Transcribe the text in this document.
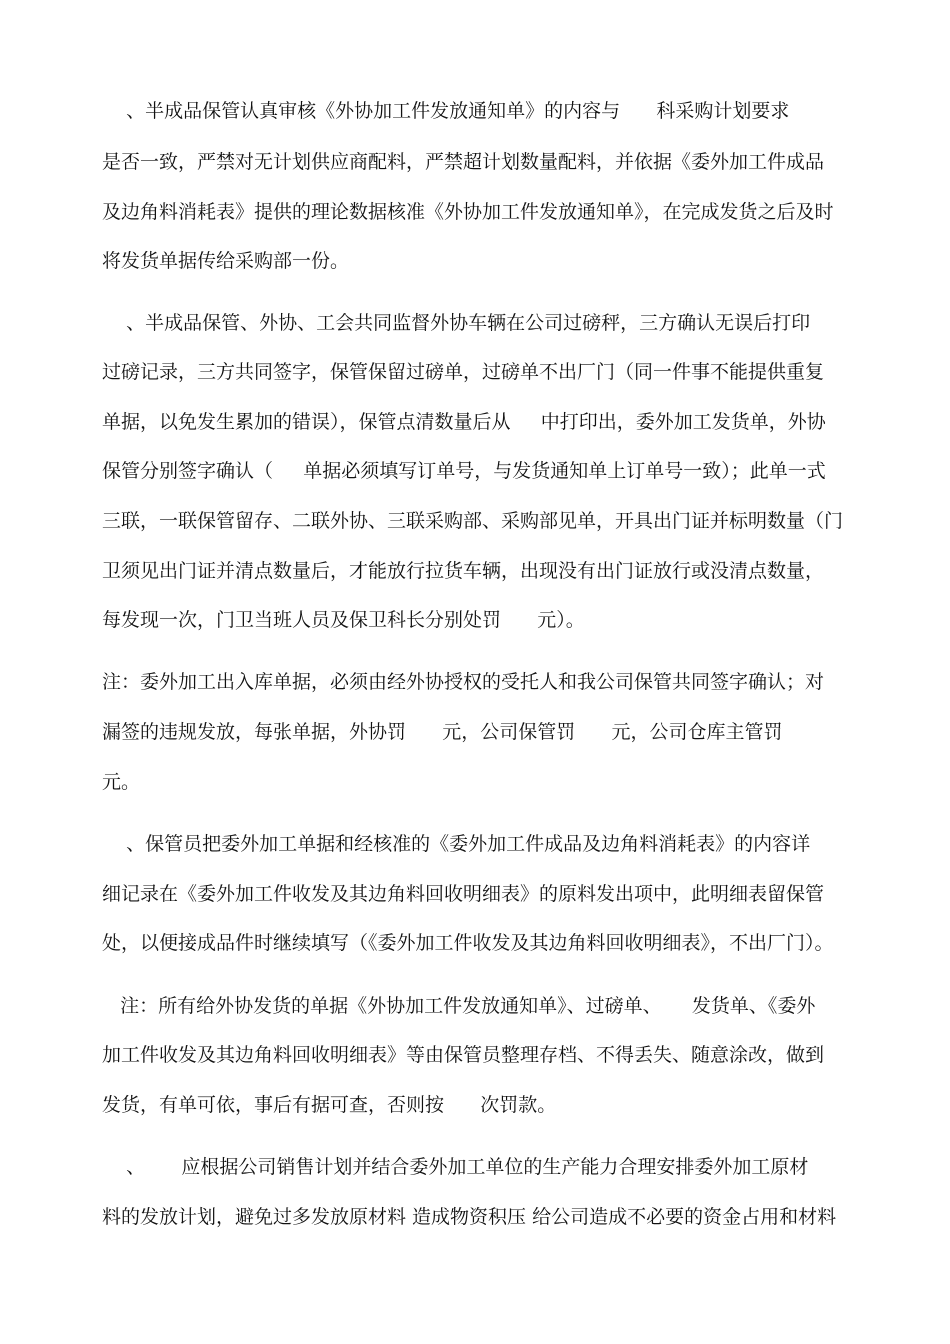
、半成品保管认真审核《外协加工件发放通知单》的内容与      科采购计划要求

是否一致，严禁对无计划供应商配料，严禁超计划数量配料，并依据《委外加工件成品

及边角料消耗表》提供的理论数据核准《外协加工件发放通知单》，在完成发货之后及时

将发货单据传给采购部一份。

、半成品保管、外协、工会共同监督外协车辆在公司过磅秤，三方确认无误后打印

过磅记录，三方共同签字，保管保留过磅单，过磅单不出厂门（同一件事不能提供重复

单据，以免发生累加的错误），保管点清数量后从     中打印出，委外加工发货单，外协

保管分别签字确认（     单据必须填写订单号，与发货通知单上订单号一致）；此单一式

三联，一联保管留存、二联外协、三联采购部、采购部见单，开具出门证并标明数量（门

卫须见出门证并清点数量后，才能放行拉货车辆，出现没有出门证放行或没清点数量，

每发现一次，门卫当班人员及保卫科长分别处罚      元）。

注：委外加工出入库单据，必须由经外协授权的受托人和我公司保管共同签字确认；对

漏签的违规发放，每张单据，外协罚      元，公司保管罚      元，公司仓库主管罚

元。

、保管员把委外加工单据和经核准的《委外加工件成品及边角料消耗表》的内容详

细记录在《委外加工件收发及其边角料回收明细表》的原料发出项中，此明细表留保管

处，以便接成品件时继续填写（《委外加工件收发及其边角料回收明细表》，不出厂门）。

注：所有给外协发货的单据《外协加工件发放通知单》、过磅单、     发货单、《委外

加工件收发及其边角料回收明细表》等由保管员整理存档、不得丢失、随意涂改，做到

发货，有单可依，事后有据可查，否则按      次罚款。

、      应根据公司销售计划并结合委外加工单位的生产能力合理安排委外加工原材

料的发放计划，避免过多发放原材料 造成物资积压 给公司造成不必要的资金占用和材料
